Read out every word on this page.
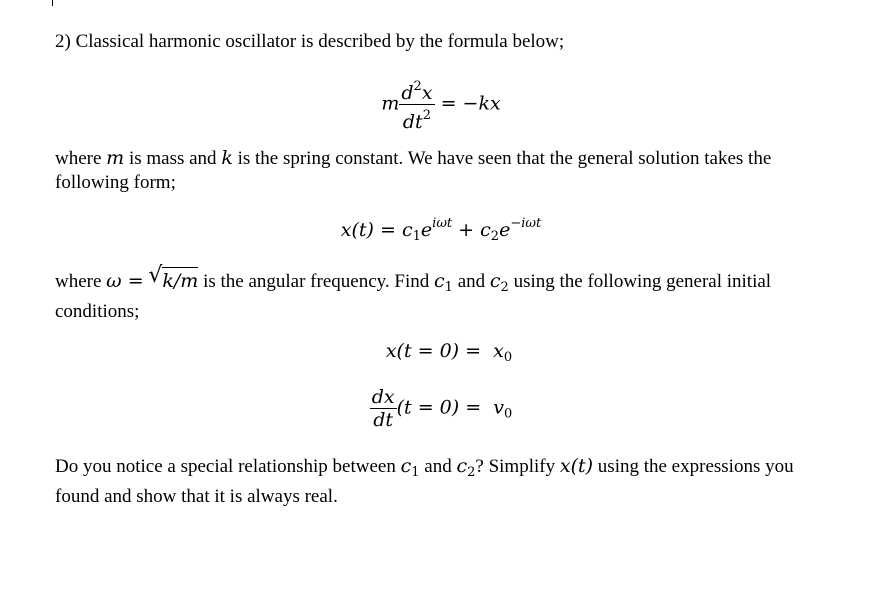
2) Classical harmonic oscillator is described by the formula below;

m $\frac{d^2x}{dt^2} = -kx$

where m is mass and k is the spring constant. We have seen that the general solution takes the following form;

$x(t) = c_1e^{i\omega t} + c_2e^{-i\omega t}$

where ω = √ k/m is the angular frequency. Find $c_1$ and $c_2$ using the following general initial conditions;

$x(t = 0) = x_0$
$\frac{dx}{dt} (t = 0) = v_0$

Do you notice a special relationship between $c_1$ and $c_2$? Simplify x(t) using the expressions you found and show that it is always real.
